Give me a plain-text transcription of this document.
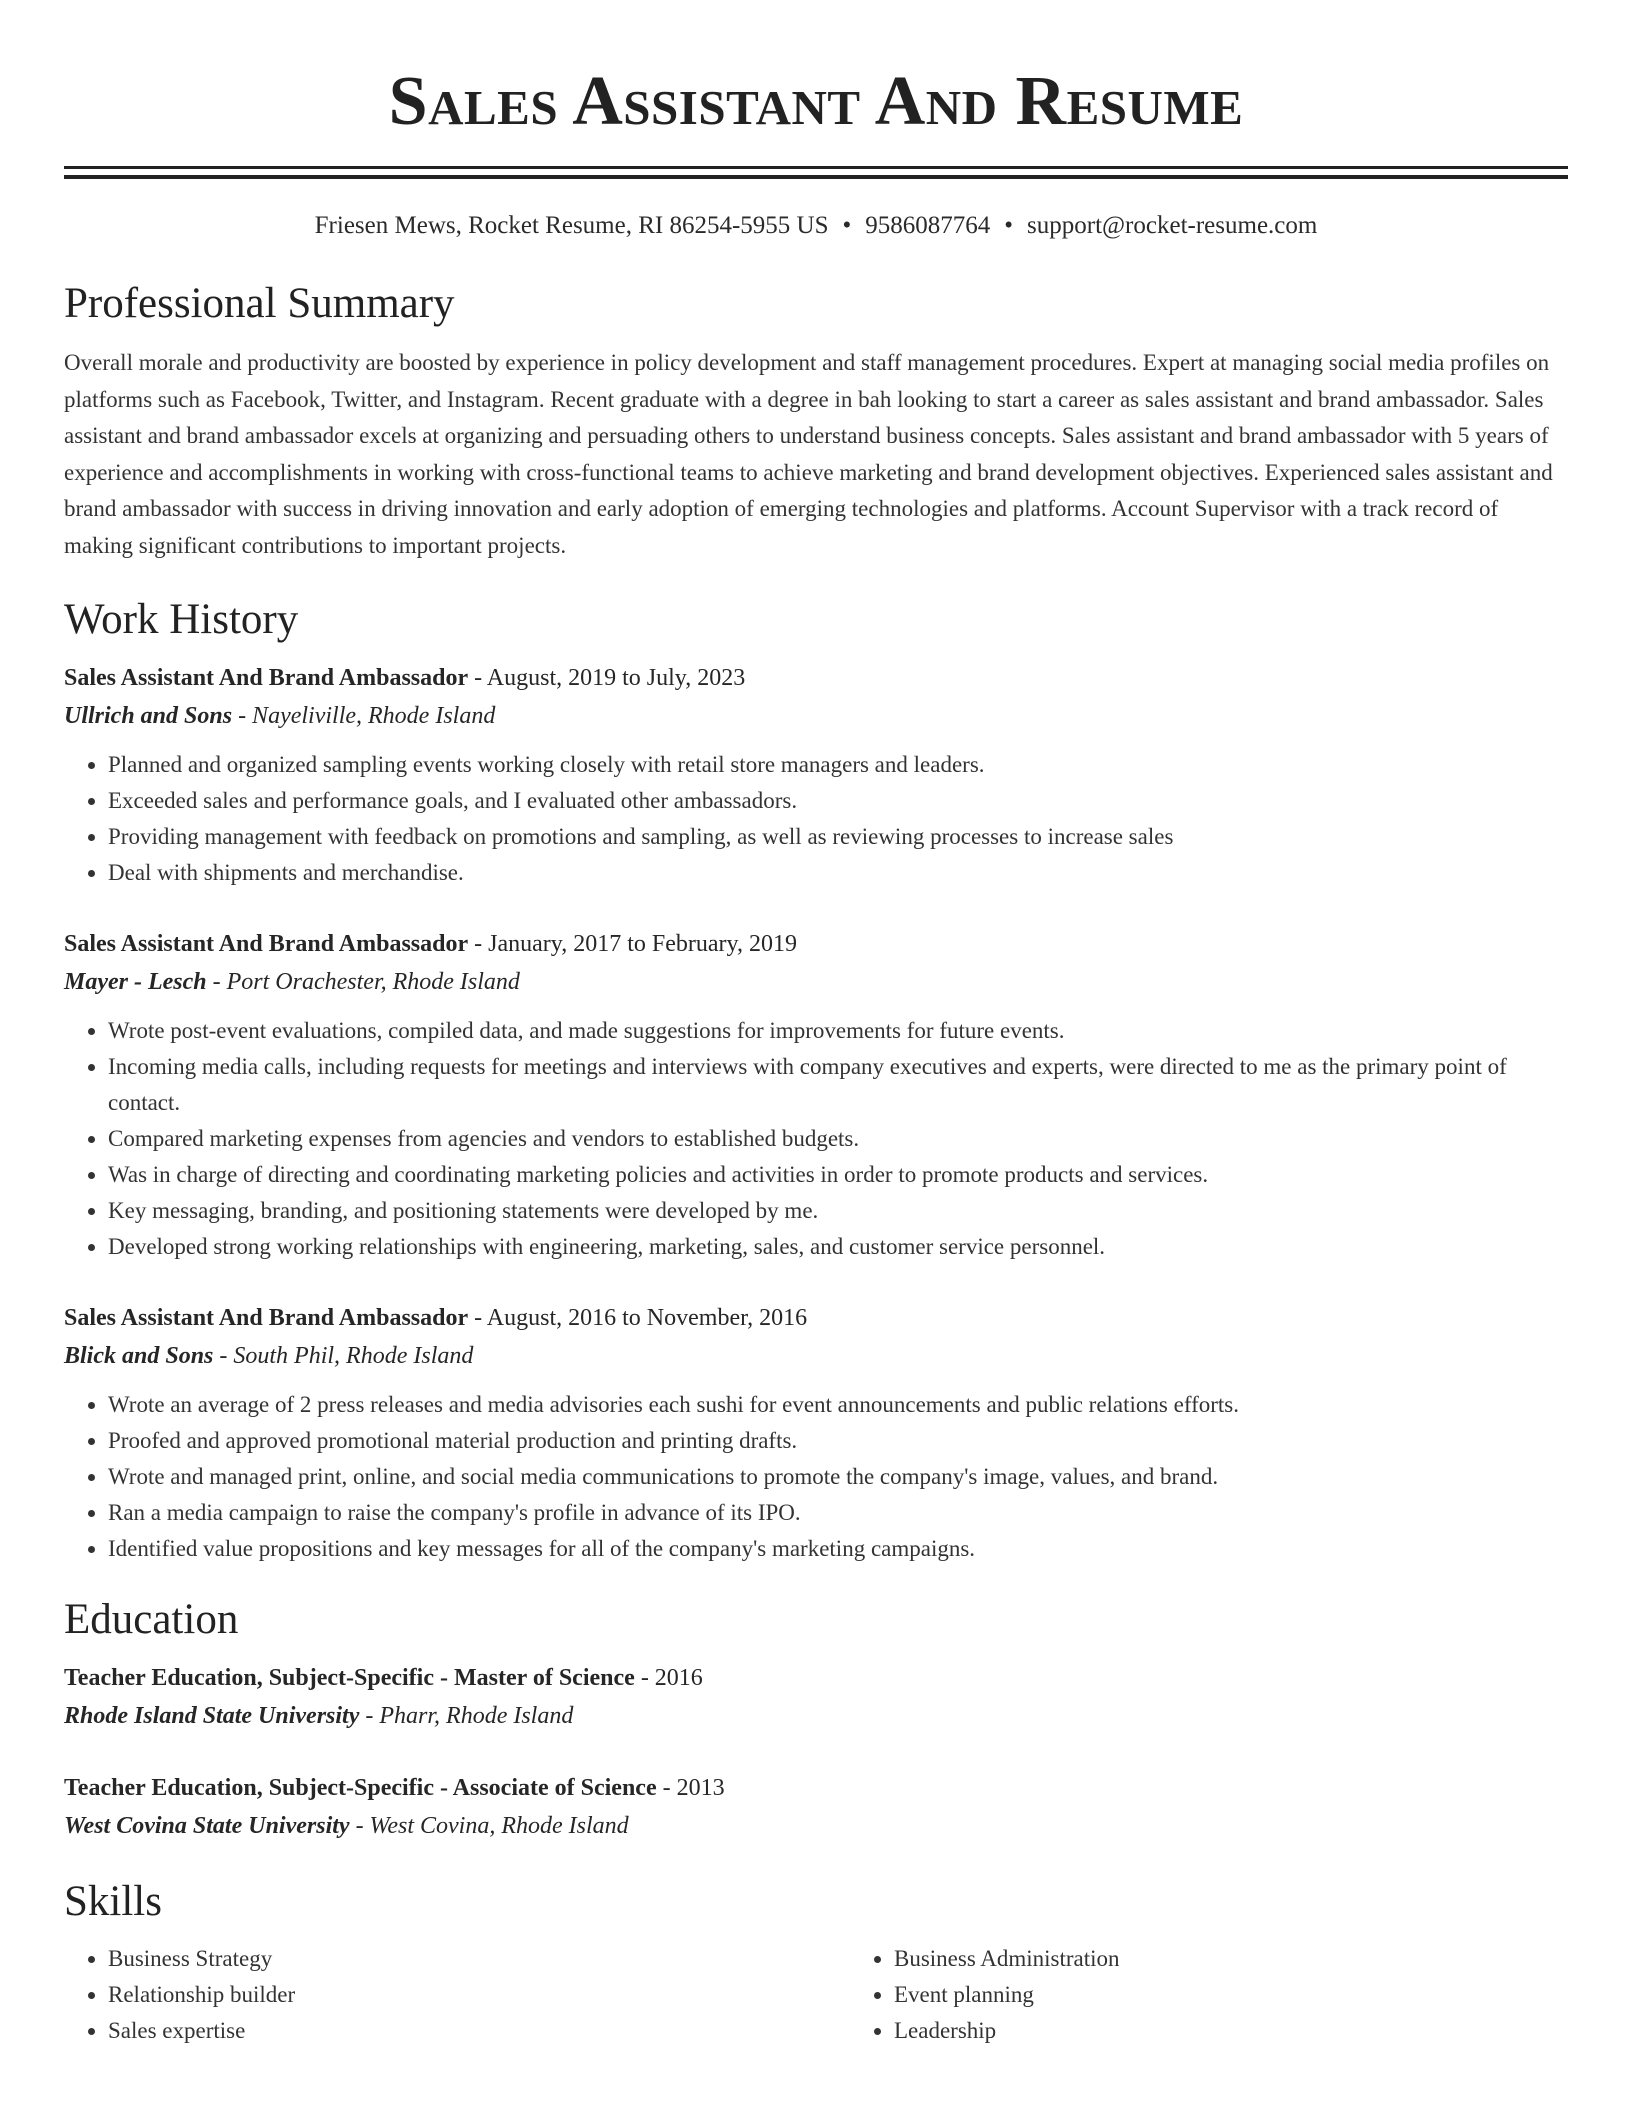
Sales Assistant And Resume
Friesen Mews, Rocket Resume, RI 86254-5955 US • 9586087764 • support@rocket-resume.com
Professional Summary

Overall morale and productivity are boosted by experience in policy development and staff management procedures. Expert at managing social media profiles on platforms such as Facebook, Twitter, and Instagram. Recent graduate with a degree in bah looking to start a career as sales assistant and brand ambassador. Sales assistant and brand ambassador excels at organizing and persuading others to understand business concepts. Sales assistant and brand ambassador with 5 years of experience and accomplishments in working with cross-functional teams to achieve marketing and brand development objectives. Experienced sales assistant and brand ambassador with success in driving innovation and early adoption of emerging technologies and platforms. Account Supervisor with a track record of making significant contributions to important projects.

Work History
Sales Assistant And Brand Ambassador - August, 2019 to July, 2023
Ullrich and Sons - Nayeliville, Rhode Island
• Planned and organized sampling events working closely with retail store managers and leaders.
• Exceeded sales and performance goals, and I evaluated other ambassadors.
• Providing management with feedback on promotions and sampling, as well as reviewing processes to increase sales
• Deal with shipments and merchandise.
Sales Assistant And Brand Ambassador - January, 2017 to February, 2019
Mayer - Lesch - Port Orachester, Rhode Island
• Wrote post-event evaluations, compiled data, and made suggestions for improvements for future events.
• Incoming media calls, including requests for meetings and interviews with company executives and experts, were directed to me as the primary point of contact.
• Compared marketing expenses from agencies and vendors to established budgets.
• Was in charge of directing and coordinating marketing policies and activities in order to promote products and services.
• Key messaging, branding, and positioning statements were developed by me.
• Developed strong working relationships with engineering, marketing, sales, and customer service personnel.
Sales Assistant And Brand Ambassador - August, 2016 to November, 2016
Blick and Sons - South Phil, Rhode Island
• Wrote an average of 2 press releases and media advisories each sushi for event announcements and public relations efforts.
• Proofed and approved promotional material production and printing drafts.
• Wrote and managed print, online, and social media communications to promote the company's image, values, and brand.
• Ran a media campaign to raise the company's profile in advance of its IPO.
• Identified value propositions and key messages for all of the company's marketing campaigns.
Education
Teacher Education, Subject-Specific - Master of Science - 2016
Rhode Island State University - Pharr, Rhode Island
Teacher Education, Subject-Specific - Associate of Science - 2013
West Covina State University - West Covina, Rhode Island
Skills
• Business Strategy
• Relationship builder
• Sales expertise
• Business Administration
• Event planning
• Leadership
